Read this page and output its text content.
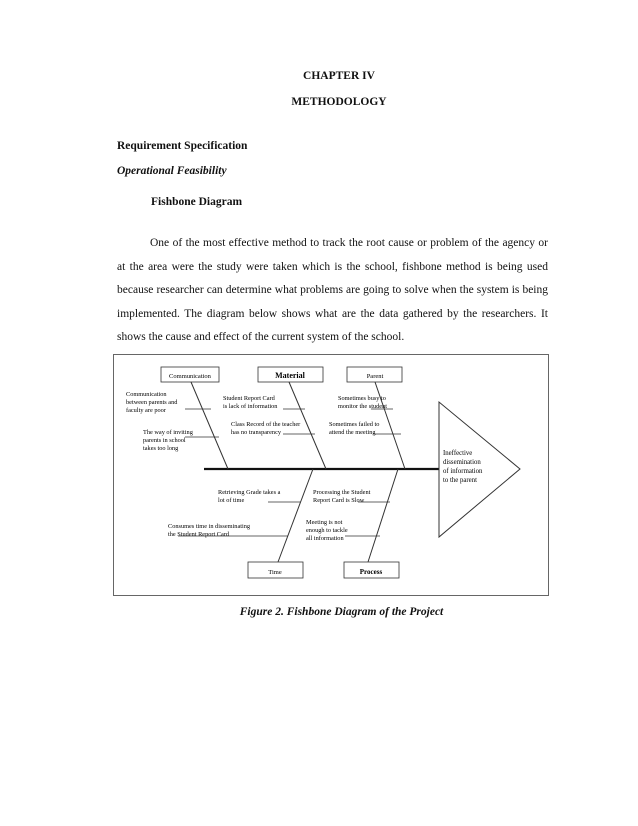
CHAPTER IV
METHODOLOGY
Requirement Specification
Operational Feasibility
Fishbone Diagram
One of the most effective method to track the root cause or problem of the agency or at the area were the study were taken which is the school, fishbone method is being used because researcher can determine what problems are going to solve when the system is being implemented. The diagram below shows what are the data gathered by the researchers. It shows the cause and effect of the current system of the school.
Communication	Material	Parent
Time	Process
Communication
between parents and
faculty are poor
The way of inviting
parents in school
takes too long
Student Report Card
is lack of information
Class Record of the teacher
has no transparency
Sometimes busy to
monitor the student
Sometimes failed to
attend the meeting
Retrieving Grade takes a
lot of time
Consumes time in disseminating
the Student Report Card
Processing the Student
Report Card is Slow
Meeting is not
enough to tackle
all information
Ineffective
dissemination
of information
to the parent
Figure 2. Fishbone Diagram of the Project
